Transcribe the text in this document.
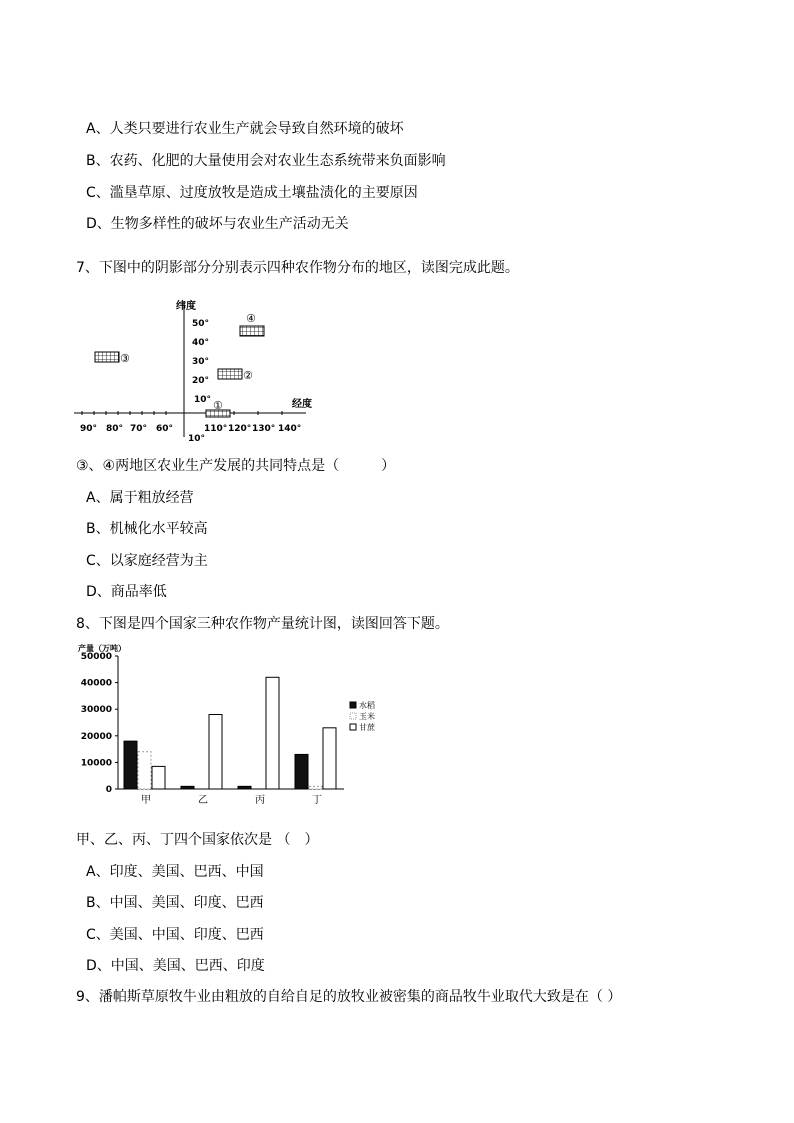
A、人类只要进行农业生产就会导致自然环境的破坏
B、农药、化肥的大量使用会对农业生态系统带来负面影响
C、滥垦草原、过度放牧是造成土壤盐渍化的主要原因
D、生物多样性的破坏与农业生产活动无关
7、下图中的阴影部分分别表示四种农作物分布的地区，读图完成此题。
纬度
经度
50°
40°
30°
20°
10°
90° 80° 70° 60°	110° 120° 130° 140°
10°
①
②
③
④
③、④两地区农业生产发展的共同特点是（　　　）
A、属于粗放经营
B、机械化水平较高
C、以家庭经营为主
D、商品率低
8、下图是四个国家三种农作物产量统计图，读图回答下题。
产量（万吨）
50000
40000
30000
20000
10000
0
甲	乙	丙	丁
水稻
玉米
甘蔗
甲、乙、丙、丁四个国家依次是 （　）
A、印度、美国、巴西、中国
B、中国、美国、印度、巴西
C、美国、中国、印度、巴西
D、中国、美国、巴西、印度
9、潘帕斯草原牧牛业由粗放的自给自足的放牧业被密集的商品牧牛业取代大致是在（ ）
